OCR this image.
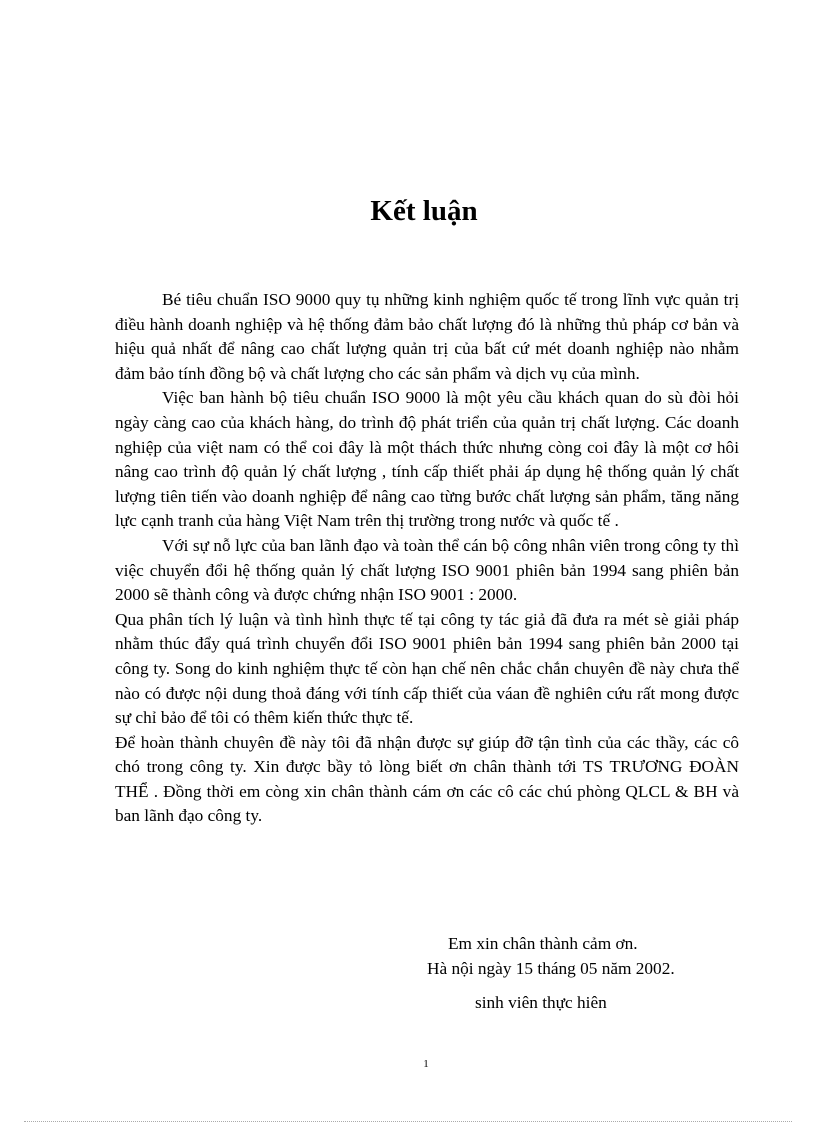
Kết luận

Bé tiêu chuẩn ISO 9000 quy tụ những kinh nghiệm quốc tế trong lĩnh vực quản trị điều hành doanh nghiệp và hệ thống đảm bảo chất lượng đó là những thủ pháp cơ bản và hiệu quả nhất để nâng cao chất lượng quản trị của bất cứ mét doanh nghiệp nào nhằm đảm bảo tính đồng bộ và chất lượng cho các sản phẩm và dịch vụ của mình.

Việc ban hành bộ tiêu chuẩn ISO 9000 là một yêu cầu khách quan do sù đòi hỏi ngày càng cao của khách hàng, do trình độ phát triển của quản trị chất lượng. Các doanh nghiệp của việt nam có thể coi đây là một thách thức nhưng còng coi đây là một cơ hôi nâng cao trình độ quản lý chất lượng , tính cấp thiết phải áp dụng hệ thống quản lý chất lượng tiên tiến vào doanh nghiệp để nâng cao từng bước chất lượng sản phẩm, tăng năng lực cạnh tranh của hàng Việt Nam trên thị trường trong nước và quốc tế .

Với sự nỗ lực của ban lãnh đạo và toàn thể cán bộ công nhân viên trong công ty thì việc chuyển đổi hệ thống quản lý chất lượng ISO 9001 phiên bản 1994 sang phiên bản 2000 sẽ thành công và được chứng nhận ISO 9001 : 2000.

Qua phân tích lý luận và tình hình thực tế tại công ty tác giả đã đưa ra mét sè giải pháp nhằm thúc đẩy quá trình chuyển đổi ISO 9001 phiên bản 1994 sang phiên bản 2000 tại công ty. Song do kinh nghiệm thực tế còn hạn chế nên chắc chắn chuyên đề này chưa thể nào có được nội dung thoả đáng với tính cấp thiết của váan đề nghiên cứu rất mong được sự chỉ bảo để tôi có thêm kiến thức thực tế.

Để hoàn thành chuyên đề này tôi đã nhận được sự giúp đỡ tận tình của các thầy, các cô chó trong công ty. Xin được bầy tỏ lòng biết ơn chân thành tới TS TRƯƠNG ĐOÀN THỂ . Đồng thời em còng xin chân thành cám ơn các cô các chú phòng QLCL & BH và ban lãnh đạo công ty.

Em xin chân thành cảm ơn.
Hà nội ngày 15 tháng 05 năm 2002.
sinh viên thực hiên
1
